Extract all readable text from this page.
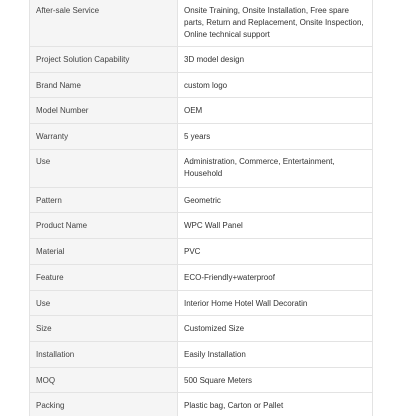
After-sale Service	Onsite Training, Onsite Installation, Free spare parts, Return and Replacement, Onsite Inspection, Online technical support
Project Solution Capability	3D model design
Brand Name	custom logo
Model Number	OEM
Warranty	5 years
Use	Administration, Commerce, Entertainment, Household
Pattern	Geometric
Product Name	WPC Wall Panel
Material	PVC
Feature	ECO-Friendly+waterproof
Use	Interior Home Hotel Wall Decoratin
Size	Customized Size
Installation	Easily Installation
MOQ	500 Square Meters
Packing	Plastic bag, Carton or Pallet
